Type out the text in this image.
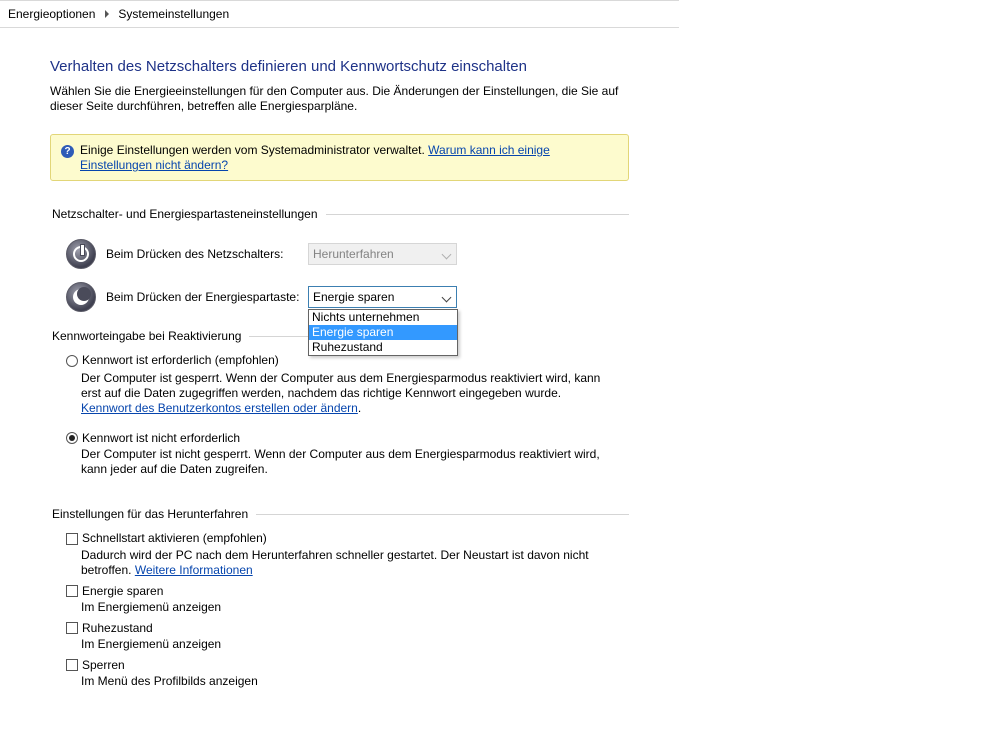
Energieoptionen Systemeinstellungen
Verhalten des Netzschalters definieren und Kennwortschutz einschalten
Wählen Sie die Energieeinstellungen für den Computer aus. Die Änderungen der Einstellungen, die Sie auf dieser Seite durchführen, betreffen alle Energiesparpläne.
? Einige Einstellungen werden vom Systemadministrator verwaltet. Warum kann ich einige Einstellungen nicht ändern?
Netzschalter- und Energiespartasteneinstellungen
Beim Drücken des Netzschalters:	Herunterfahren
Beim Drücken der Energiespartaste:	Energie sparen
Kennworteingabe bei Reaktivierung
Kennwort ist erforderlich (empfohlen)
Der Computer ist gesperrt. Wenn der Computer aus dem Energiesparmodus reaktiviert wird, kann erst auf die Daten zugegriffen werden, nachdem das richtige Kennwort eingegeben wurde.
Kennwort des Benutzerkontos erstellen oder ändern.
Kennwort ist nicht erforderlich
Der Computer ist nicht gesperrt. Wenn der Computer aus dem Energiesparmodus reaktiviert wird, kann jeder auf die Daten zugreifen.
Einstellungen für das Herunterfahren
Schnellstart aktivieren (empfohlen)
Dadurch wird der PC nach dem Herunterfahren schneller gestartet. Der Neustart ist davon nicht betroffen. Weitere Informationen
Energie sparen
Im Energiemenü anzeigen
Ruhezustand
Im Energiemenü anzeigen
Sperren
Im Menü des Profilbilds anzeigen
Nichts unternehmen
Energie sparen
Ruhezustand
